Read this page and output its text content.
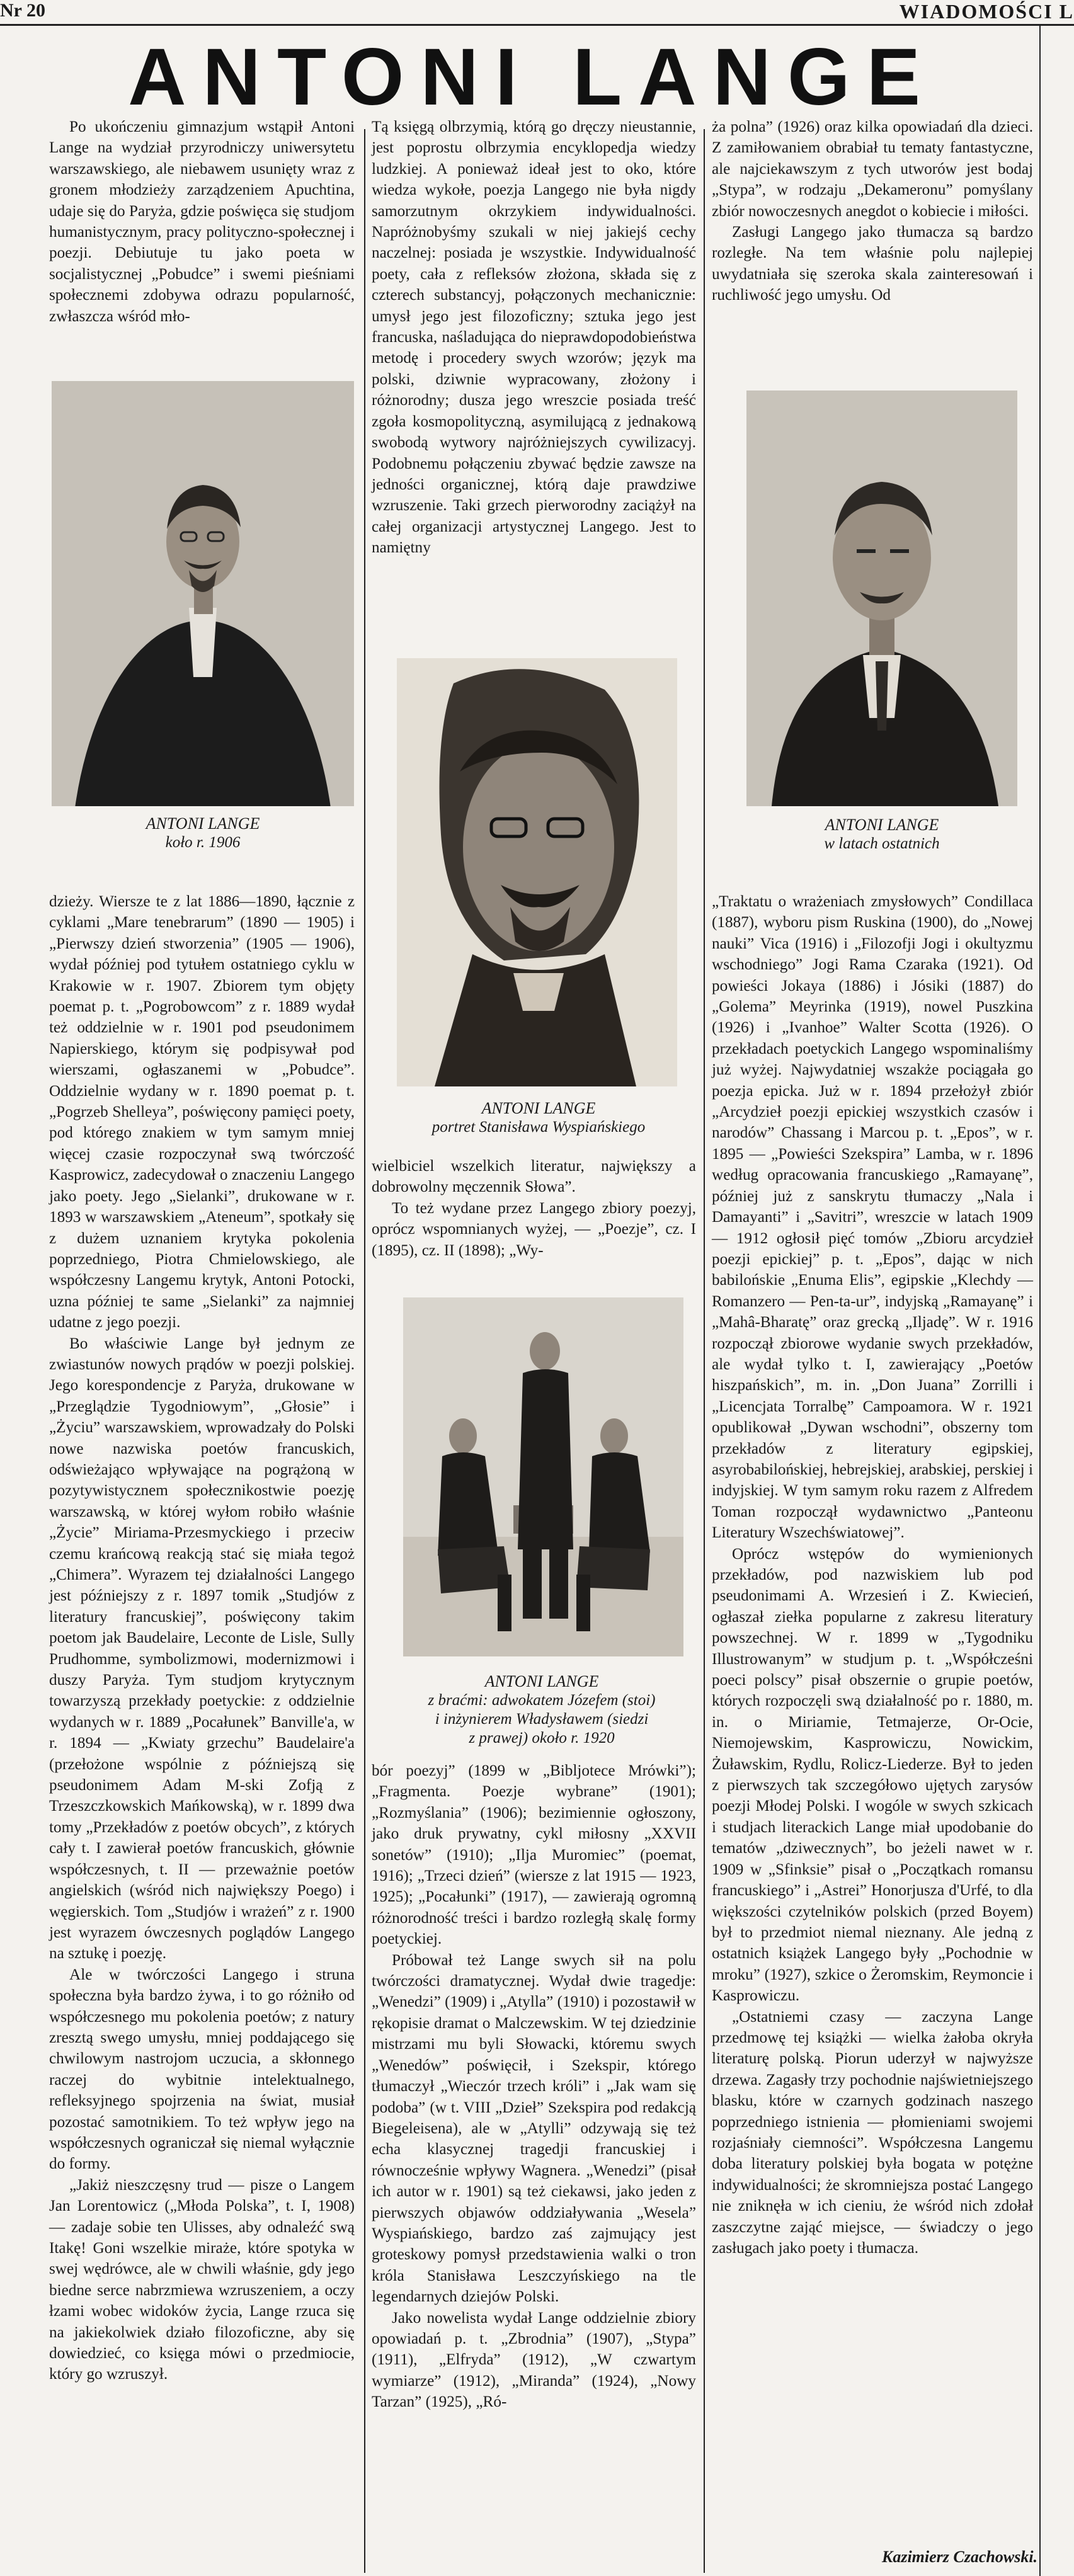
Nr 20	WIADOMOŚCI L
ANTONI LANGE

Po ukończeniu gimnazjum wstąpił Antoni Lange na wydział przyrodniczy uniwersytetu warszawskiego, ale niebawem usunięty wraz z gronem młodzieży zarządzeniem Apuchtina, udaje się do Paryża, gdzie poświęca się studjom humanistycznym, pracy polityczno-społecznej i poezji. Debiutuje tu jako poeta w socjalistycznej „Pobudce” i swemi pieśniami społecznemi zdobywa odrazu popularność, zwłaszcza wśród mło-

ANTONI LANGE
koło r. 1906

dzieży. Wiersze te z lat 1886—1890, łącznie z cyklami „Mare tenebrarum” (1890 — 1905) i „Pierwszy dzień stworzenia” (1905 — 1906), wydał później pod tytułem ostatniego cyklu w Krakowie w r. 1907. Zbiorem tym objęty poemat p. t. „Pogrobowcom” z r. 1889 wydał też oddzielnie w r. 1901 pod pseudonimem Napierskiego, którym się podpisywał pod wierszami, ogłaszanemi w „Pobudce”. Oddzielnie wydany w r. 1890 poemat p. t. „Pogrzeb Shelleya”, poświęcony pamięci poety, pod którego znakiem w tym samym mniej więcej czasie rozpoczynał swą twórczość Kasprowicz, zadecydował o znaczeniu Langego jako poety. Jego „Sielanki”, drukowane w r. 1893 w warszawskiem „Ateneum”, spotkały się z dużem uznaniem krytyka pokolenia poprzedniego, Piotra Chmielowskiego, ale współczesny Langemu krytyk, Antoni Potocki, uzna później te same „Sielanki” za najmniej udatne z jego poezji.

Bo właściwie Lange był jednym ze zwiastunów nowych prądów w poezji polskiej. Jego korespondencje z Paryża, drukowane w „Przeglądzie Tygodniowym”, „Głosie” i „Życiu” warszawskiem, wprowadzały do Polski nowe nazwiska poetów francuskich, odświeżająco wpływające na pogrążoną w pozytywistycznem społecznikostwie poezję warszawską, w której wyłom robiło właśnie „Życie” Miriama-Przesmyckiego i przeciw czemu krańcową reakcją stać się miała tegoż „Chimera”. Wyrazem tej działalności Langego jest późniejszy z r. 1897 tomik „Studjów z literatury francuskiej”, poświęcony takim poetom jak Baudelaire, Leconte de Lisle, Sully Prudhomme, symbolizmowi, modernizmowi i duszy Paryża. Tym studjom krytycznym towarzyszą przekłady poetyckie: z oddzielnie wydanych w r. 1889 „Pocałunek” Banville'a, w r. 1894 — „Kwiaty grzechu” Baudelaire'a (przełożone wspólnie z późniejszą się pseudonimem Adam M-ski Zofją z Trzeszczkowskich Mańkowską), w r. 1899 dwa tomy „Przekładów z poetów obcych”, z których cały t. I zawierał poetów francuskich, głównie współczesnych, t. II — przeważnie poetów angielskich (wśród nich największy Poego) i węgierskich. Tom „Studjów i wrażeń” z r. 1900 jest wyrazem ówczesnych poglądów Langego na sztukę i poezję.

Ale w twórczości Langego i struna społeczna była bardzo żywa, i to go różniło od współczesnego mu pokolenia poetów; z natury zresztą swego umysłu, mniej poddającego się chwilowym nastrojom uczucia, a skłonnego raczej do wybitnie intelektualnego, refleksyjnego spojrzenia na świat, musiał pozostać samotnikiem. To też wpływ jego na współczesnych ograniczał się niemal wyłącznie do formy.

„Jakiż nieszczęsny trud — pisze o Langem Jan Lorentowicz („Młoda Polska”, t. I, 1908) — zadaje sobie ten Ulisses, aby odnaleźć swą Itakę! Goni wszelkie miraże, które spotyka w swej wędrówce, ale w chwili właśnie, gdy jego biedne serce nabrzmiewa wzruszeniem, a oczy łzami wobec widoków życia, Lange rzuca się na jakiekolwiek działo filozoficzne, aby się dowiedzieć, co księga mówi o przedmiocie, który go wzruszył.

Tą księgą olbrzymią, którą go dręczy nieustannie, jest poprostu olbrzymia encyklopedja wiedzy ludzkiej. A ponieważ ideał jest to oko, które wiedza wykołe, poezja Langego nie była nigdy samorzutnym okrzykiem indywidualności. Napróżnobyśmy szukali w niej jakiejś cechy naczelnej: posiada je wszystkie. Indywidualność poety, cała z refleksów złożona, składa się z czterech substancyj, połączonych mechanicznie: umysł jego jest filozoficzny; sztuka jego jest francuska, naśladująca do nieprawdopodobieństwa metodę i procedery swych wzorów; język ma polski, dziwnie wypracowany, złożony i różnorodny; dusza jego wreszcie posiada treść zgoła kosmopolityczną, asymilującą z jednakową swobodą wytwory najróżniejszych cywilizacyj. Podobnemu połączeniu zbywać będzie zawsze na jedności organicznej, którą daje prawdziwe wzruszenie. Taki grzech pierworodny zaciążył na całej organizacji artystycznej Langego. Jest to namiętny

ANTONI LANGE
portret Stanisława Wyspiańskiego

wielbiciel wszelkich literatur, największy a dobrowolny męczennik Słowa”.

To też wydane przez Langego zbiory poezyj, oprócz wspomnianych wyżej, — „Poezje”, cz. I (1895), cz. II (1898); „Wy-

ANTONI LANGE
z braćmi: adwokatem Józefem (stoi)
i inżynierem Władysławem (siedzi
z prawej) około r. 1920

bór poezyj” (1899 w „Bibljotece Mrówki”); „Fragmenta. Poezje wybrane” (1901); „Rozmyślania” (1906); bezimiennie ogłoszony, jako druk prywatny, cykl miłosny „XXVII sonetów” (1910); „Ilja Muromiec” (poemat, 1916); „Trzeci dzień” (wiersze z lat 1915 — 1923, 1925); „Pocałunki” (1917), — zawierają ogromną różnorodność treści i bardzo rozległą skalę formy poetyckiej.

Próbował też Lange swych sił na polu twórczości dramatycznej. Wydał dwie tragedje: „Wenedzi” (1909) i „Atylla” (1910) i pozostawił w rękopisie dramat o Malczewskim. W tej dziedzinie mistrzami mu byli Słowacki, któremu swych „Wenedów” poświęcił, i Szekspir, którego tłumaczył „Wieczór trzech króli” i „Jak wam się podoba” (w t. VIII „Dzieł” Szekspira pod redakcją Biegeleisena), ale w „Atylli” odzywają się też echa klasycznej tragedji francuskiej i równocześnie wpływy Wagnera. „Wenedzi” (pisał ich autor w r. 1901) są też ciekawsi, jako jeden z pierwszych objawów oddziaływania „Wesela” Wyspiańskiego, bardzo zaś zajmujący jest groteskowy pomysł przedstawienia walki o tron króla Stanisława Leszczyńskiego na tle legendarnych dziejów Polski.

Jako nowelista wydał Lange oddzielnie zbiory opowiadań p. t. „Zbrodnia” (1907), „Stypa” (1911), „Elfryda” (1912), „W czwartym wymiarze” (1912), „Mirandа” (1924), „Nowy Tarzan” (1925), „Ró-

ża polna” (1926) oraz kilka opowiadań dla dzieci. Z zamiłowaniem obrabiał tu tematy fantastyczne, ale najciekawszym z tych utworów jest bodaj „Stypa”, w rodzaju „Dekameronu” pomyślany zbiór nowoczesnych anegdot o kobiecie i miłości.

Zasługi Langego jako tłumacza są bardzo rozległe. Na tem właśnie polu najlepiej uwydatniała się szeroka skala zainteresowań i ruchliwość jego umysłu. Od

ANTONI LANGE
w latach ostatnich

„Traktatu o wrażeniach zmysłowych” Condillaca (1887), wyboru pism Ruskina (1900), do „Nowej nauki” Vica (1916) i „Filozofji Jogi i okultyzmu wschodniego” Jogi Rama Czaraka (1921). Od powieści Jokaya (1886) i Jósiki (1887) do „Golema” Meyrinka (1919), nowel Puszkina (1926) i „Ivanhoe” Walter Scotta (1926). O przekładach poetyckich Langego wspominaliśmy już wyżej. Najwydatniej wszakże pociągała go poezja epicka. Już w r. 1894 przełożył zbiór „Arcydzieł poezji epickiej wszystkich czasów i narodów” Chassang i Marcou p. t. „Epos”, w r. 1895 — „Powieści Szekspira” Lamba, w r. 1896 według opracowania francuskiego „Ramayanę”, później już z sanskrytu tłumaczy „Nala i Damayanti” i „Savitri”, wreszcie w latach 1909 — 1912 ogłosił pięć tomów „Zbioru arcydzieł poezji epickiej” p. t. „Epos”, dając w nich babilońskie „Enuma Elis”, egipskie „Klechdy — Romanzero — Pen-ta-ur”, indyjską „Ramayanę” i „Mahâ-Bharatę” oraz grecką „Iljadę”. W r. 1916 rozpoczął zbiorowe wydanie swych przekładów, ale wydał tylko t. I, zawierający „Poetów hiszpańskich”, m. in. „Don Juana” Zorrilli i „Licencjata Torralbę” Campoamora. W r. 1921 opublikował „Dywan wschodni”, obszerny tom przekładów z literatury egipskiej, asyrobabilońskiej, hebrejskiej, arabskiej, perskiej i indyjskiej. W tym samym roku razem z Alfredem Toman rozpoczął wydawnictwo „Panteonu Literatury Wszechświatowej”.

Oprócz wstępów do wymienionych przekładów, pod nazwiskiem lub pod pseudonimami A. Wrzesień i Z. Kwiecień, ogłaszał ziełka popularne z zakresu literatury powszechnej. W r. 1899 w „Tygodniku Illustrowanym” w studjum p. t. „Współcześni poeci polscy” pisał obszernie o grupie poetów, których rozpoczęli swą działalność po r. 1880, m. in. o Miriamie, Tetmajerze, Or-Ocie, Niemojewskim, Kasprowiczu, Nowickim, Żuławskim, Rydlu, Rolicz-Liederze. Był to jeden z pierwszych tak szczegółowo ujętych zarysów poezji Młodej Polski. I wogóle w swych szkicach i studjach literackich Lange miał upodobanie do tematów „dziwecznych”, bo jeżeli nawet w r. 1909 w „Sfinksie” pisał o „Początkach romansu francuskiego” i „Astrei” Honorjusza d'Urfé, to dla większości czytelników polskich (przed Boyem) był to przedmiot niemal nieznany. Ale jedną z ostatnich książek Langego były „Pochodnie w mroku” (1927), szkice o Żeromskim, Reymoncie i Kasprowiczu.

„Ostatniemi czasy — zaczyna Lange przedmowę tej książki — wielka żałoba okryła literaturę polską. Piorun uderzył w najwyższe drzewa. Zagasły trzy pochodnie najświetniejszego blasku, które w czarnych godzinach naszego poprzedniego istnienia — płomieniami swojemi rozjaśniały ciemności”. Współczesna Langemu doba literatury polskiej była bogata w potężne indywidualności; że skromniejsza postać Langego nie zniknęła w ich cieniu, że wśród nich zdołał zaszczytne zająć miejsce, — świadczy o jego zasługach jako poety i tłumacza.

Kazimierz Czachowski.
